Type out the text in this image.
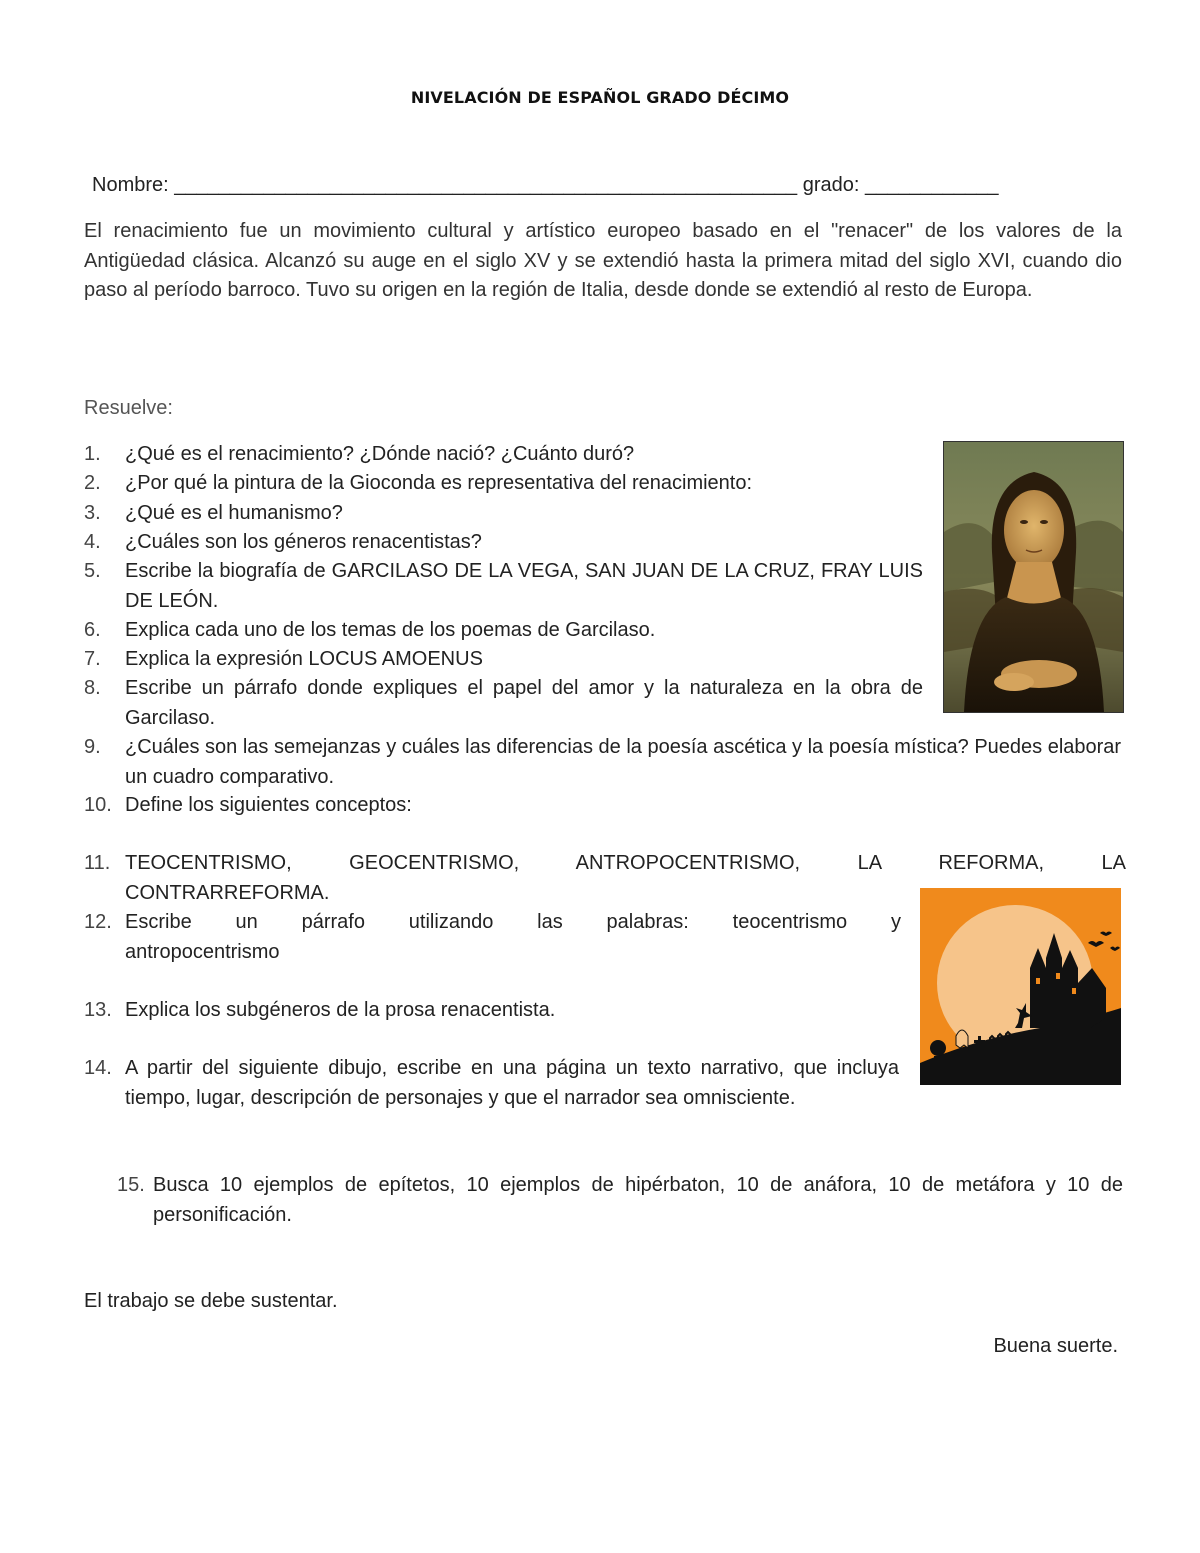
NIVELACIÓN DE ESPAÑOL GRADO DÉCIMO
Nombre: ________________________________________________________ grado: ____________
El renacimiento fue un movimiento cultural y artístico europeo basado en el "renacer" de los valores de la Antigüedad clásica. Alcanzó su auge en el siglo XV y se extendió hasta la primera mitad del siglo XVI, cuando dio paso al período barroco. Tuvo su origen en la región de Italia, desde donde se extendió al resto de Europa.
Resuelve:
1.	¿Qué es el renacimiento? ¿Dónde nació? ¿Cuánto duró?
2.	¿Por qué la pintura de la Gioconda es representativa del renacimiento:
3.	¿Qué es el humanismo?
4.	¿Cuáles son los géneros renacentistas?
5.	Escribe la biografía de GARCILASO DE LA VEGA, SAN JUAN DE LA CRUZ, FRAY LUIS DE LEÓN.
6.	Explica cada uno de los temas de los poemas de Garcilaso.
7.	Explica la expresión LOCUS AMOENUS
8.	Escribe un párrafo donde expliques el papel del amor y la naturaleza en la obra de Garcilaso.
9.	¿Cuáles son las semejanzas y cuáles las diferencias de la poesía ascética y la poesía mística? Puedes elaborar un cuadro comparativo.
10. Define los siguientes conceptos:
11. TEOCENTRISMO, GEOCENTRISMO, ANTROPOCENTRISMO, LA REFORMA, LA CONTRARREFORMA.
12. Escribe un párrafo utilizando las palabras: teocentrismo y antropocentrismo
13. Explica los subgéneros de la prosa renacentista.
14. A partir del siguiente dibujo, escribe en una página un texto narrativo, que incluya tiempo, lugar, descripción de personajes y que el narrador sea omnisciente.
15. Busca 10 ejemplos de epítetos, 10 ejemplos de hipérbaton, 10 de anáfora, 10 de metáfora y 10 de personificación.
El trabajo se debe sustentar.
Buena suerte.
